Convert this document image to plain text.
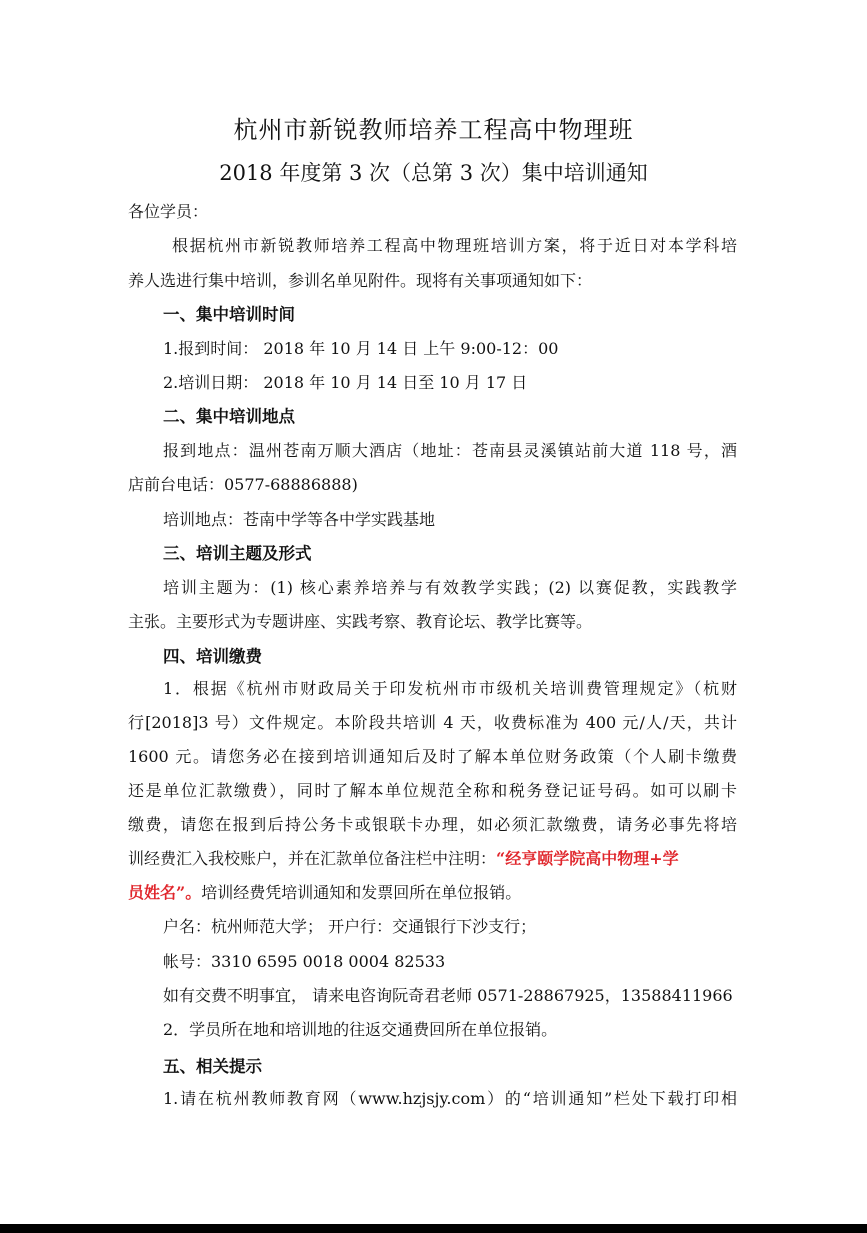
杭州市新锐教师培养工程高中物理班
2018 年度第 3 次（总第 3 次）集中培训通知
各位学员：
根据杭州市新锐教师培养工程高中物理班培训方案，将于近日对本学科培
养人选进行集中培训，参训名单见附件。现将有关事项通知如下：
一、集中培训时间
1.报到时间： 2018 年 10 月 14 日 上午 9:00-12：00
2.培训日期： 2018 年 10 月 14 日至 10 月 17 日
二、集中培训地点
报到地点：温州苍南万顺大酒店（地址：苍南县灵溪镇站前大道 118 号，酒
店前台电话：0577-68886888)
培训地点：苍南中学等各中学实践基地
三、培训主题及形式
培训主题为：(1) 核心素养培养与有效教学实践；(2) 以赛促教，实践教学
主张。主要形式为专题讲座、实践考察、教育论坛、教学比赛等。
四、培训缴费
1．根据《杭州市财政局关于印发杭州市市级机关培训费管理规定》（杭财
行[2018]3 号）文件规定。本阶段共培训 4 天，收费标准为 400 元/人/天，共计
1600 元。请您务必在接到培训通知后及时了解本单位财务政策（个人刷卡缴费
还是单位汇款缴费），同时了解本单位规范全称和税务登记证号码。如可以刷卡
缴费，请您在报到后持公务卡或银联卡办理，如必须汇款缴费，请务必事先将培
训经费汇入我校账户，并在汇款单位备注栏中注明：“经亨颐学院高中物理+学
员姓名”。培训经费凭培训通知和发票回所在单位报销。
户名：杭州师范大学； 开户行：交通银行下沙支行；
帐号：3310 6595 0018 0004 82533
如有交费不明事宜， 请来电咨询阮奇君老师 0571-28867925，13588411966
2．学员所在地和培训地的往返交通费回所在单位报销。
五、相关提示
1.请在杭州教师教育网（www.hzjsjy.com）的“培训通知”栏处下载打印相
